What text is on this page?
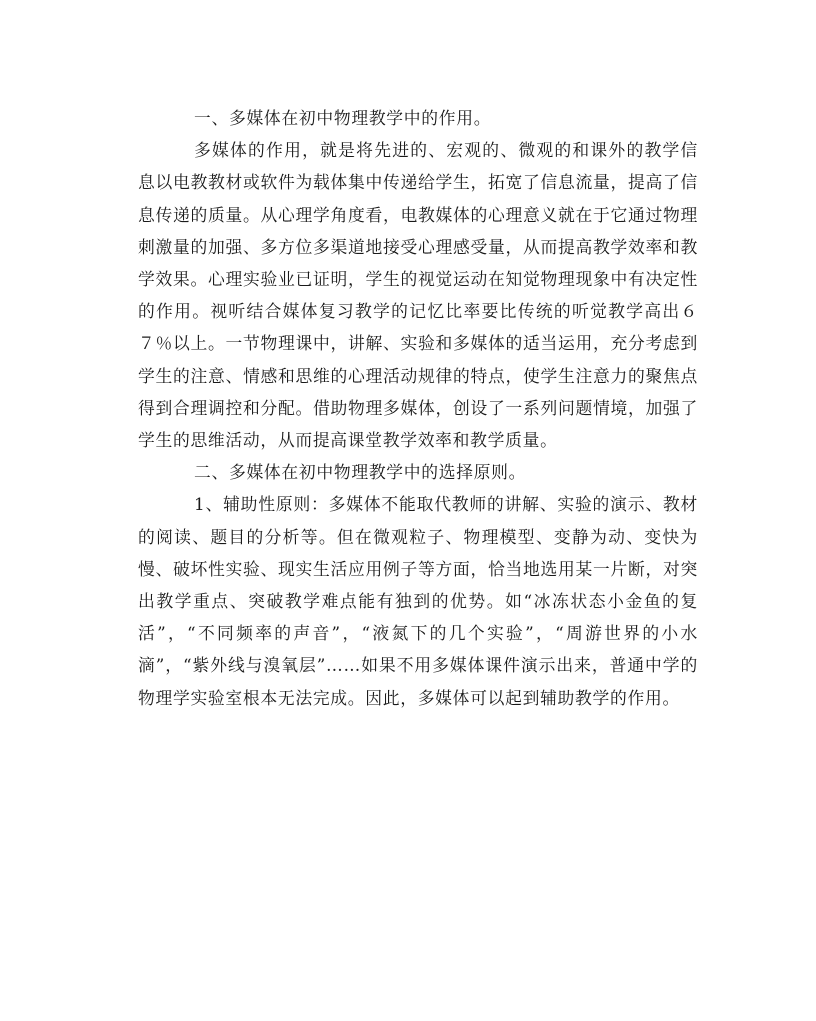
一、多媒体在初中物理教学中的作用。

多媒体的作用，就是将先进的、宏观的、微观的和课外的教学信息以电教教材或软件为载体集中传递给学生，拓宽了信息流量，提高了信息传递的质量。从心理学角度看，电教媒体的心理意义就在于它通过物理刺激量的加强、多方位多渠道地接受心理感受量，从而提高教学效率和教学效果。心理实验业已证明，学生的视觉运动在知觉物理现象中有决定性的作用。视听结合媒体复习教学的记忆比率要比传统的听觉教学高出６７％以上。一节物理课中，讲解、实验和多媒体的适当运用，充分考虑到学生的注意、情感和思维的心理活动规律的特点，使学生注意力的聚焦点得到合理调控和分配。借助物理多媒体，创设了一系列问题情境，加强了学生的思维活动，从而提高课堂教学效率和教学质量。

二、多媒体在初中物理教学中的选择原则。

1、辅助性原则：多媒体不能取代教师的讲解、实验的演示、教材的阅读、题目的分析等。但在微观粒子、物理模型、变静为动、变快为慢、破坏性实验、现实生活应用例子等方面，恰当地选用某一片断，对突出教学重点、突破教学难点能有独到的优势。如“冰冻状态小金鱼的复活”，“不同频率的声音”，“液氮下的几个实验”，“周游世界的小水滴”，“紫外线与溴氧层”……如果不用多媒体课件演示出来，普通中学的物理学实验室根本无法完成。因此，多媒体可以起到辅助教学的作用。
